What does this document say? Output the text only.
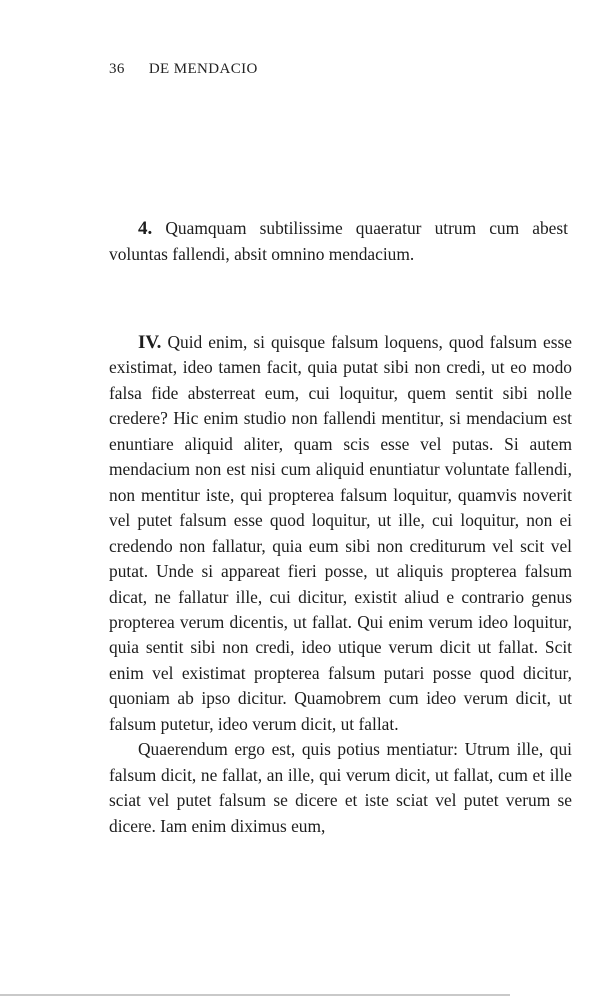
36 DE MENDACIO

4. Quamquam subtilissime quaeratur utrum cum abest voluntas fallendi, absit omnino mendacium.

IV. Quid enim, si quisque falsum loquens, quod falsum esse existimat, ideo tamen facit, quia putat sibi non credi, ut eo modo falsa fide absterreat eum, cui loquitur, quem sentit sibi nolle credere? Hic enim studio non fallendi mentitur, si mendacium est enuntiare aliquid aliter, quam scis esse vel putas. Si autem mendacium non est nisi cum aliquid enuntiatur voluntate fallendi, non mentitur iste, qui propterea falsum loquitur, quamvis noverit vel putet falsum esse quod loquitur, ut ille, cui loquitur, non ei credendo non fallatur, quia eum sibi non crediturum vel scit vel putat. Unde si appareat fieri posse, ut aliquis propterea falsum dicat, ne fallatur ille, cui dicitur, existit aliud e contrario genus propterea verum dicentis, ut fallat. Qui enim verum ideo loquitur, quia sentit sibi non credi, ideo utique verum dicit ut fallat. Scit enim vel existimat propterea falsum putari posse quod dicitur, quoniam ab ipso dicitur. Quamobrem cum ideo verum dicit, ut falsum putetur, ideo verum dicit, ut fallat.

Quaerendum ergo est, quis potius mentiatur: Utrum ille, qui falsum dicit, ne fallat, an ille, qui verum dicit, ut fallat, cum et ille sciat vel putet falsum se dicere et iste sciat vel putet verum se dicere. Iam enim diximus eum,
